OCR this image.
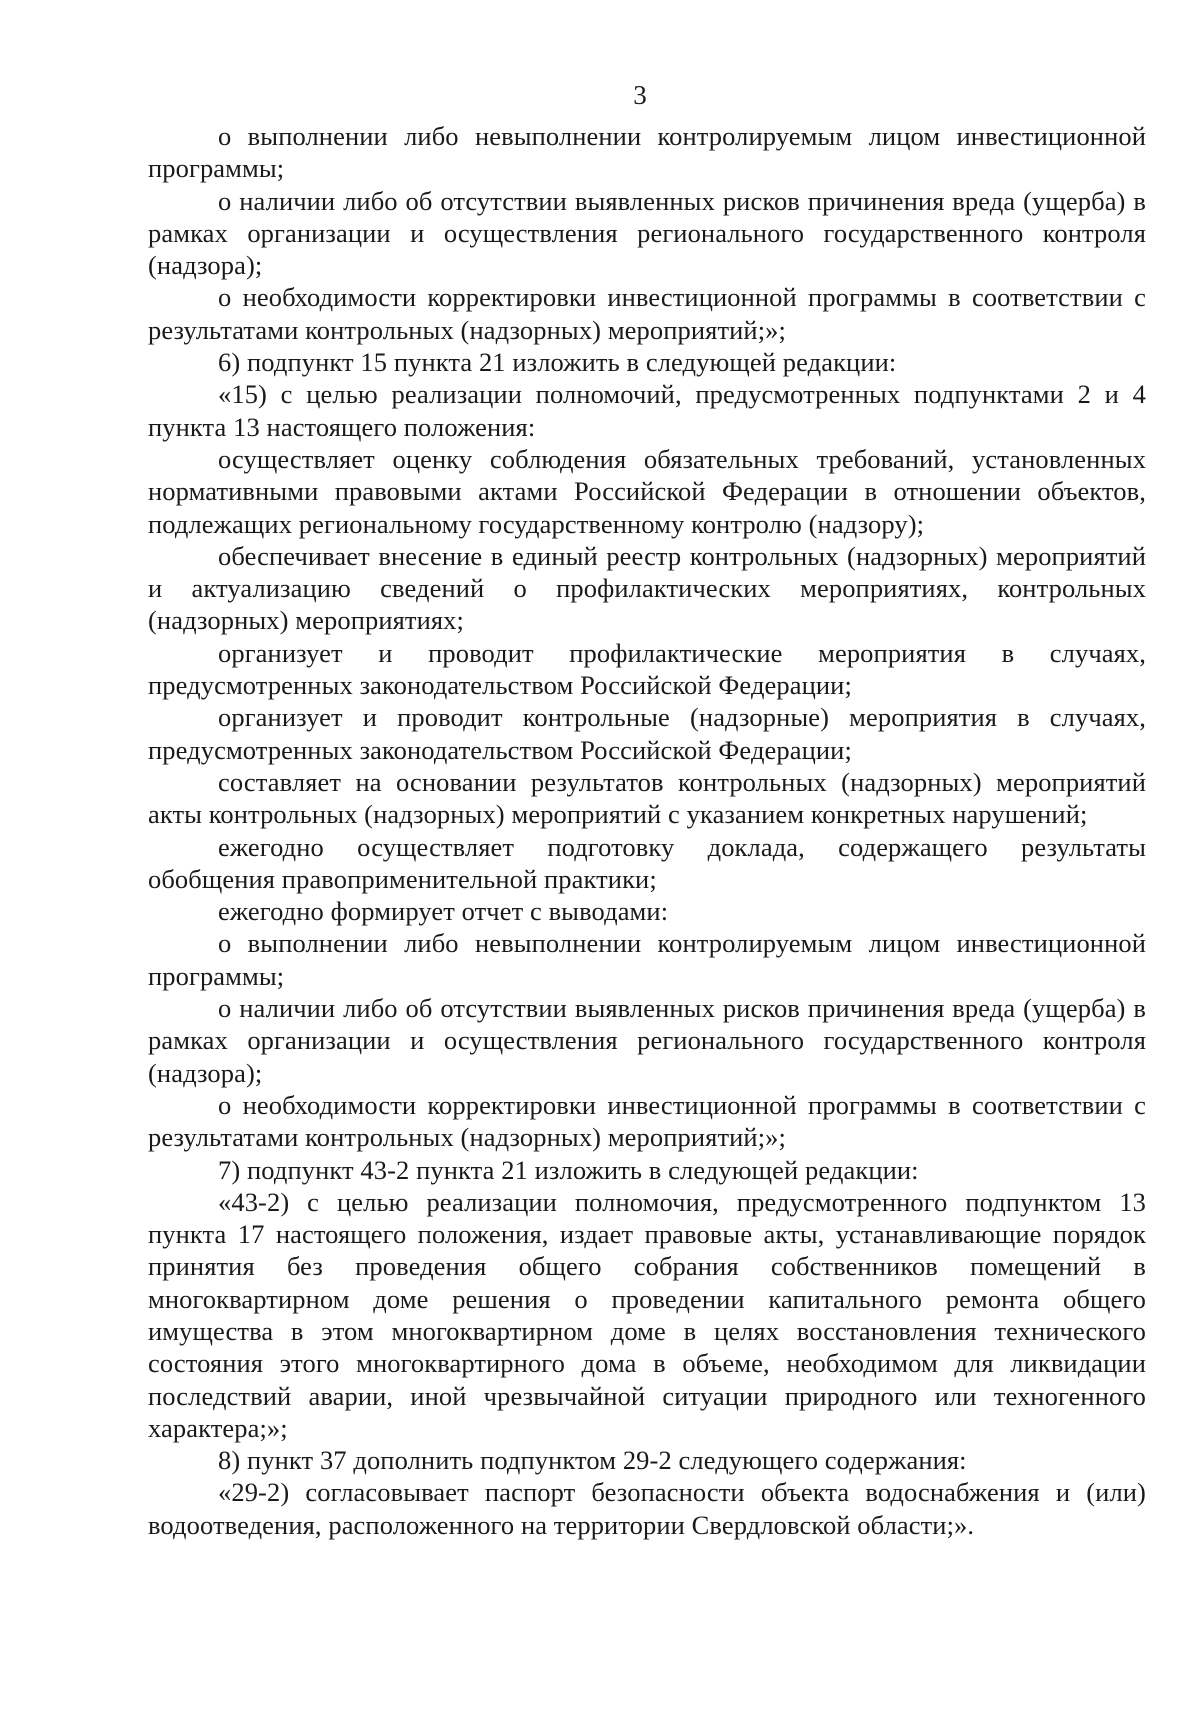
3

о выполнении либо невыполнении контролируемым лицом инвестиционной программы;

о наличии либо об отсутствии выявленных рисков причинения вреда (ущерба) в рамках организации и осуществления регионального государственного контроля (надзора);

о необходимости корректировки инвестиционной программы в соответствии с результатами контрольных (надзорных) мероприятий;»;

6) подпункт 15 пункта 21 изложить в следующей редакции:

«15) с целью реализации полномочий, предусмотренных подпунктами 2 и 4 пункта 13 настоящего положения:

осуществляет оценку соблюдения обязательных требований, установленных нормативными правовыми актами Российской Федерации в отношении объектов, подлежащих региональному государственному контролю (надзору);

обеспечивает внесение в единый реестр контрольных (надзорных) мероприятий и актуализацию сведений о профилактических мероприятиях, контрольных (надзорных) мероприятиях;

организует и проводит профилактические мероприятия в случаях, предусмотренных законодательством Российской Федерации;

организует и проводит контрольные (надзорные) мероприятия в случаях, предусмотренных законодательством Российской Федерации;

составляет на основании результатов контрольных (надзорных) мероприятий акты контрольных (надзорных) мероприятий с указанием конкретных нарушений;

ежегодно осуществляет подготовку доклада, содержащего результаты обобщения правоприменительной практики;

ежегодно формирует отчет с выводами:

о выполнении либо невыполнении контролируемым лицом инвестиционной программы;

о наличии либо об отсутствии выявленных рисков причинения вреда (ущерба) в рамках организации и осуществления регионального государственного контроля (надзора);

о необходимости корректировки инвестиционной программы в соответствии с результатами контрольных (надзорных) мероприятий;»;

7) подпункт 43-2 пункта 21 изложить в следующей редакции:

«43-2) с целью реализации полномочия, предусмотренного подпунктом 13 пункта 17 настоящего положения, издает правовые акты, устанавливающие порядок принятия без проведения общего собрания собственников помещений в многоквартирном доме решения о проведении капитального ремонта общего имущества в этом многоквартирном доме в целях восстановления технического состояния этого многоквартирного дома в объеме, необходимом для ликвидации последствий аварии, иной чрезвычайной ситуации природного или техногенного характера;»;

8) пункт 37 дополнить подпунктом 29-2 следующего содержания:

«29-2) согласовывает паспорт безопасности объекта водоснабжения и (или) водоотведения, расположенного на территории Свердловской области;».
